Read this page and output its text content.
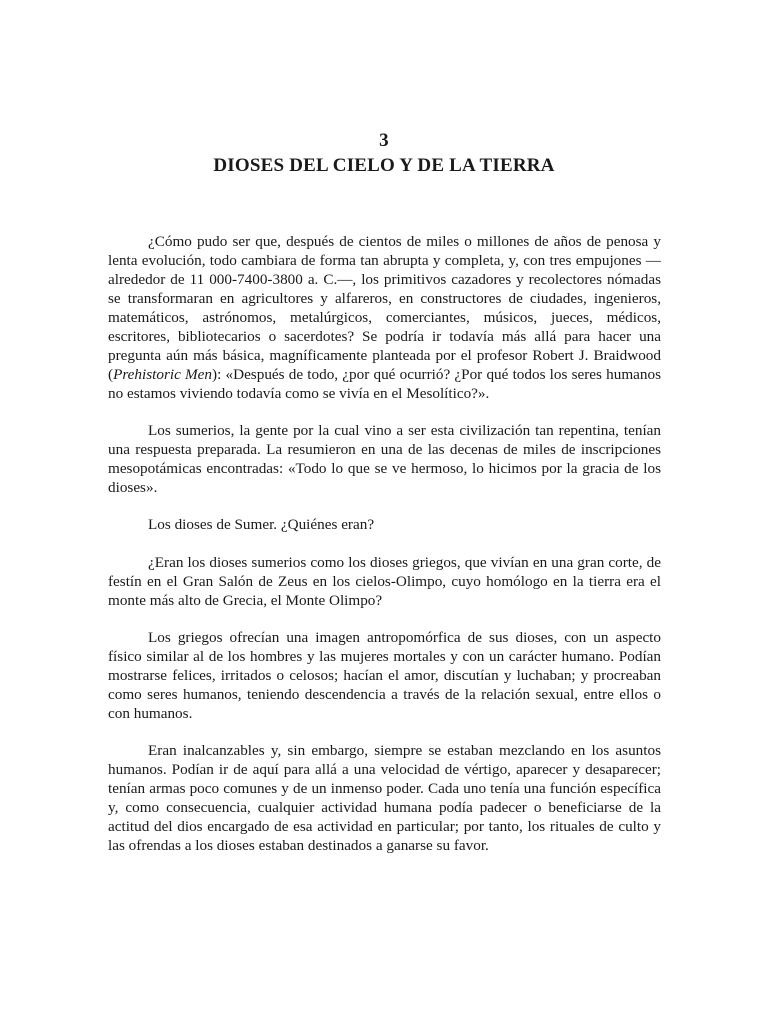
3
DIOSES DEL CIELO Y DE LA TIERRA

¿Cómo pudo ser que, después de cientos de miles o millones de años de penosa y lenta evolución, todo cambiara de forma tan abrupta y completa, y, con tres empujones —alrededor de 11 000-7400-3800 a. C.—, los primitivos cazadores y recolectores nómadas se transformaran en agricultores y alfareros, en constructores de ciudades, ingenieros, matemáticos, astrónomos, metalúrgicos, comerciantes, músicos, jueces, médicos, escritores, bibliotecarios o sacerdotes? Se podría ir todavía más allá para hacer una pregunta aún más básica, magníficamente planteada por el profesor Robert J. Braidwood (Prehistoric Men): «Después de todo, ¿por qué ocurrió? ¿Por qué todos los seres humanos no estamos viviendo todavía como se vivía en el Mesolítico?».

Los sumerios, la gente por la cual vino a ser esta civilización tan repentina, tenían una respuesta preparada. La resumieron en una de las decenas de miles de inscripciones mesopotámicas encontradas: «Todo lo que se ve hermoso, lo hicimos por la gracia de los dioses».

Los dioses de Sumer. ¿Quiénes eran?

¿Eran los dioses sumerios como los dioses griegos, que vivían en una gran corte, de festín en el Gran Salón de Zeus en los cielos-Olimpo, cuyo homólogo en la tierra era el monte más alto de Grecia, el Monte Olimpo?

Los griegos ofrecían una imagen antropomórfica de sus dioses, con un aspecto físico similar al de los hombres y las mujeres mortales y con un carácter humano. Podían mostrarse felices, irritados o celosos; hacían el amor, discutían y luchaban; y procreaban como seres humanos, teniendo descendencia a través de la relación sexual, entre ellos o con humanos.

Eran inalcanzables y, sin embargo, siempre se estaban mezclando en los asuntos humanos. Podían ir de aquí para allá a una velocidad de vértigo, aparecer y desaparecer; tenían armas poco comunes y de un inmenso poder. Cada uno tenía una función específica y, como consecuencia, cualquier actividad humana podía padecer o beneficiarse de la actitud del dios encargado de esa actividad en particular; por tanto, los rituales de culto y las ofrendas a los dioses estaban destinados a ganarse su favor.
